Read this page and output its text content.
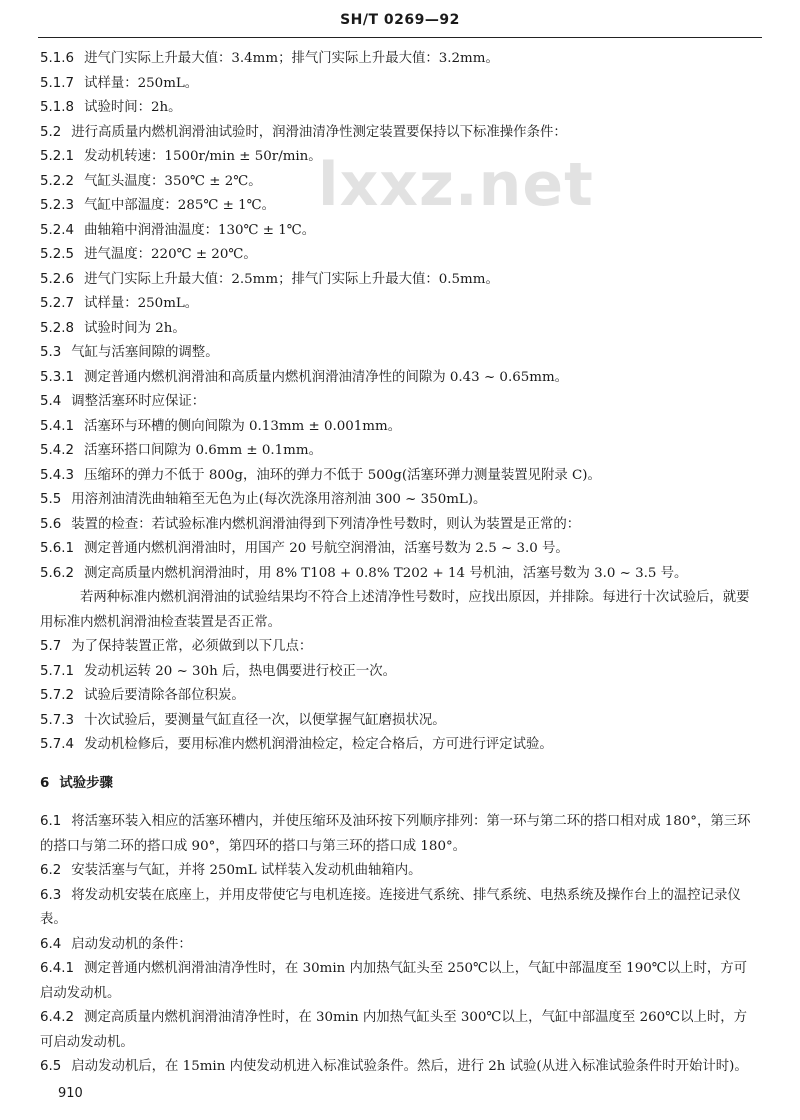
SH/T 0269—92
lxxz.net
5.1.6 进气门实际上升最大值：3.4mm；排气门实际上升最大值：3.2mm。
5.1.7 试样量：250mL。
5.1.8 试验时间：2h。
5.2 进行高质量内燃机润滑油试验时，润滑油清净性测定装置要保持以下标准操作条件：
5.2.1 发动机转速：1500r/min ± 50r/min。
5.2.2 气缸头温度：350℃ ± 2℃。
5.2.3 气缸中部温度：285℃ ± 1℃。
5.2.4 曲轴箱中润滑油温度：130℃ ± 1℃。
5.2.5 进气温度：220℃ ± 20℃。
5.2.6 进气门实际上升最大值：2.5mm；排气门实际上升最大值：0.5mm。
5.2.7 试样量：250mL。
5.2.8 试验时间为 2h。
5.3 气缸与活塞间隙的调整。
5.3.1 测定普通内燃机润滑油和高质量内燃机润滑油清净性的间隙为 0.43 ~ 0.65mm。
5.4 调整活塞环时应保证：
5.4.1 活塞环与环槽的侧向间隙为 0.13mm ± 0.001mm。
5.4.2 活塞环搭口间隙为 0.6mm ± 0.1mm。
5.4.3 压缩环的弹力不低于 800g，油环的弹力不低于 500g(活塞环弹力测量装置见附录 C)。
5.5 用溶剂油清洗曲轴箱至无色为止(每次洗涤用溶剂油 300 ~ 350mL)。
5.6 装置的检查：若试验标准内燃机润滑油得到下列清净性号数时，则认为装置是正常的：
5.6.1 测定普通内燃机润滑油时，用国产 20 号航空润滑油，活塞号数为 2.5 ~ 3.0 号。
5.6.2 测定高质量内燃机润滑油时，用 8% T108 + 0.8% T202 + 14 号机油，活塞号数为 3.0 ~ 3.5 号。
若两种标准内燃机润滑油的试验结果均不符合上述清净性号数时，应找出原因，并排除。每进行十次试验后，就要用标准内燃机润滑油检查装置是否正常。
5.7 为了保持装置正常，必须做到以下几点：
5.7.1 发动机运转 20 ~ 30h 后，热电偶要进行校正一次。
5.7.2 试验后要清除各部位积炭。
5.7.3 十次试验后，要测量气缸直径一次，以便掌握气缸磨损状况。
5.7.4 发动机检修后，要用标准内燃机润滑油检定，检定合格后，方可进行评定试验。
6 试验步骤
6.1 将活塞环装入相应的活塞环槽内，并使压缩环及油环按下列顺序排列：第一环与第二环的搭口相对成 180°，第三环的搭口与第二环的搭口成 90°，第四环的搭口与第三环的搭口成 180°。
6.2 安装活塞与气缸，并将 250mL 试样装入发动机曲轴箱内。
6.3 将发动机安装在底座上，并用皮带使它与电机连接。连接进气系统、排气系统、电热系统及操作台上的温控记录仪表。
6.4 启动发动机的条件：
6.4.1 测定普通内燃机润滑油清净性时，在 30min 内加热气缸头至 250℃以上，气缸中部温度至 190℃以上时，方可启动发动机。
6.4.2 测定高质量内燃机润滑油清净性时，在 30min 内加热气缸头至 300℃以上，气缸中部温度至 260℃以上时，方可启动发动机。
6.5 启动发动机后，在 15min 内使发动机进入标准试验条件。然后，进行 2h 试验(从进入标准试验条件时开始计时)。
910
